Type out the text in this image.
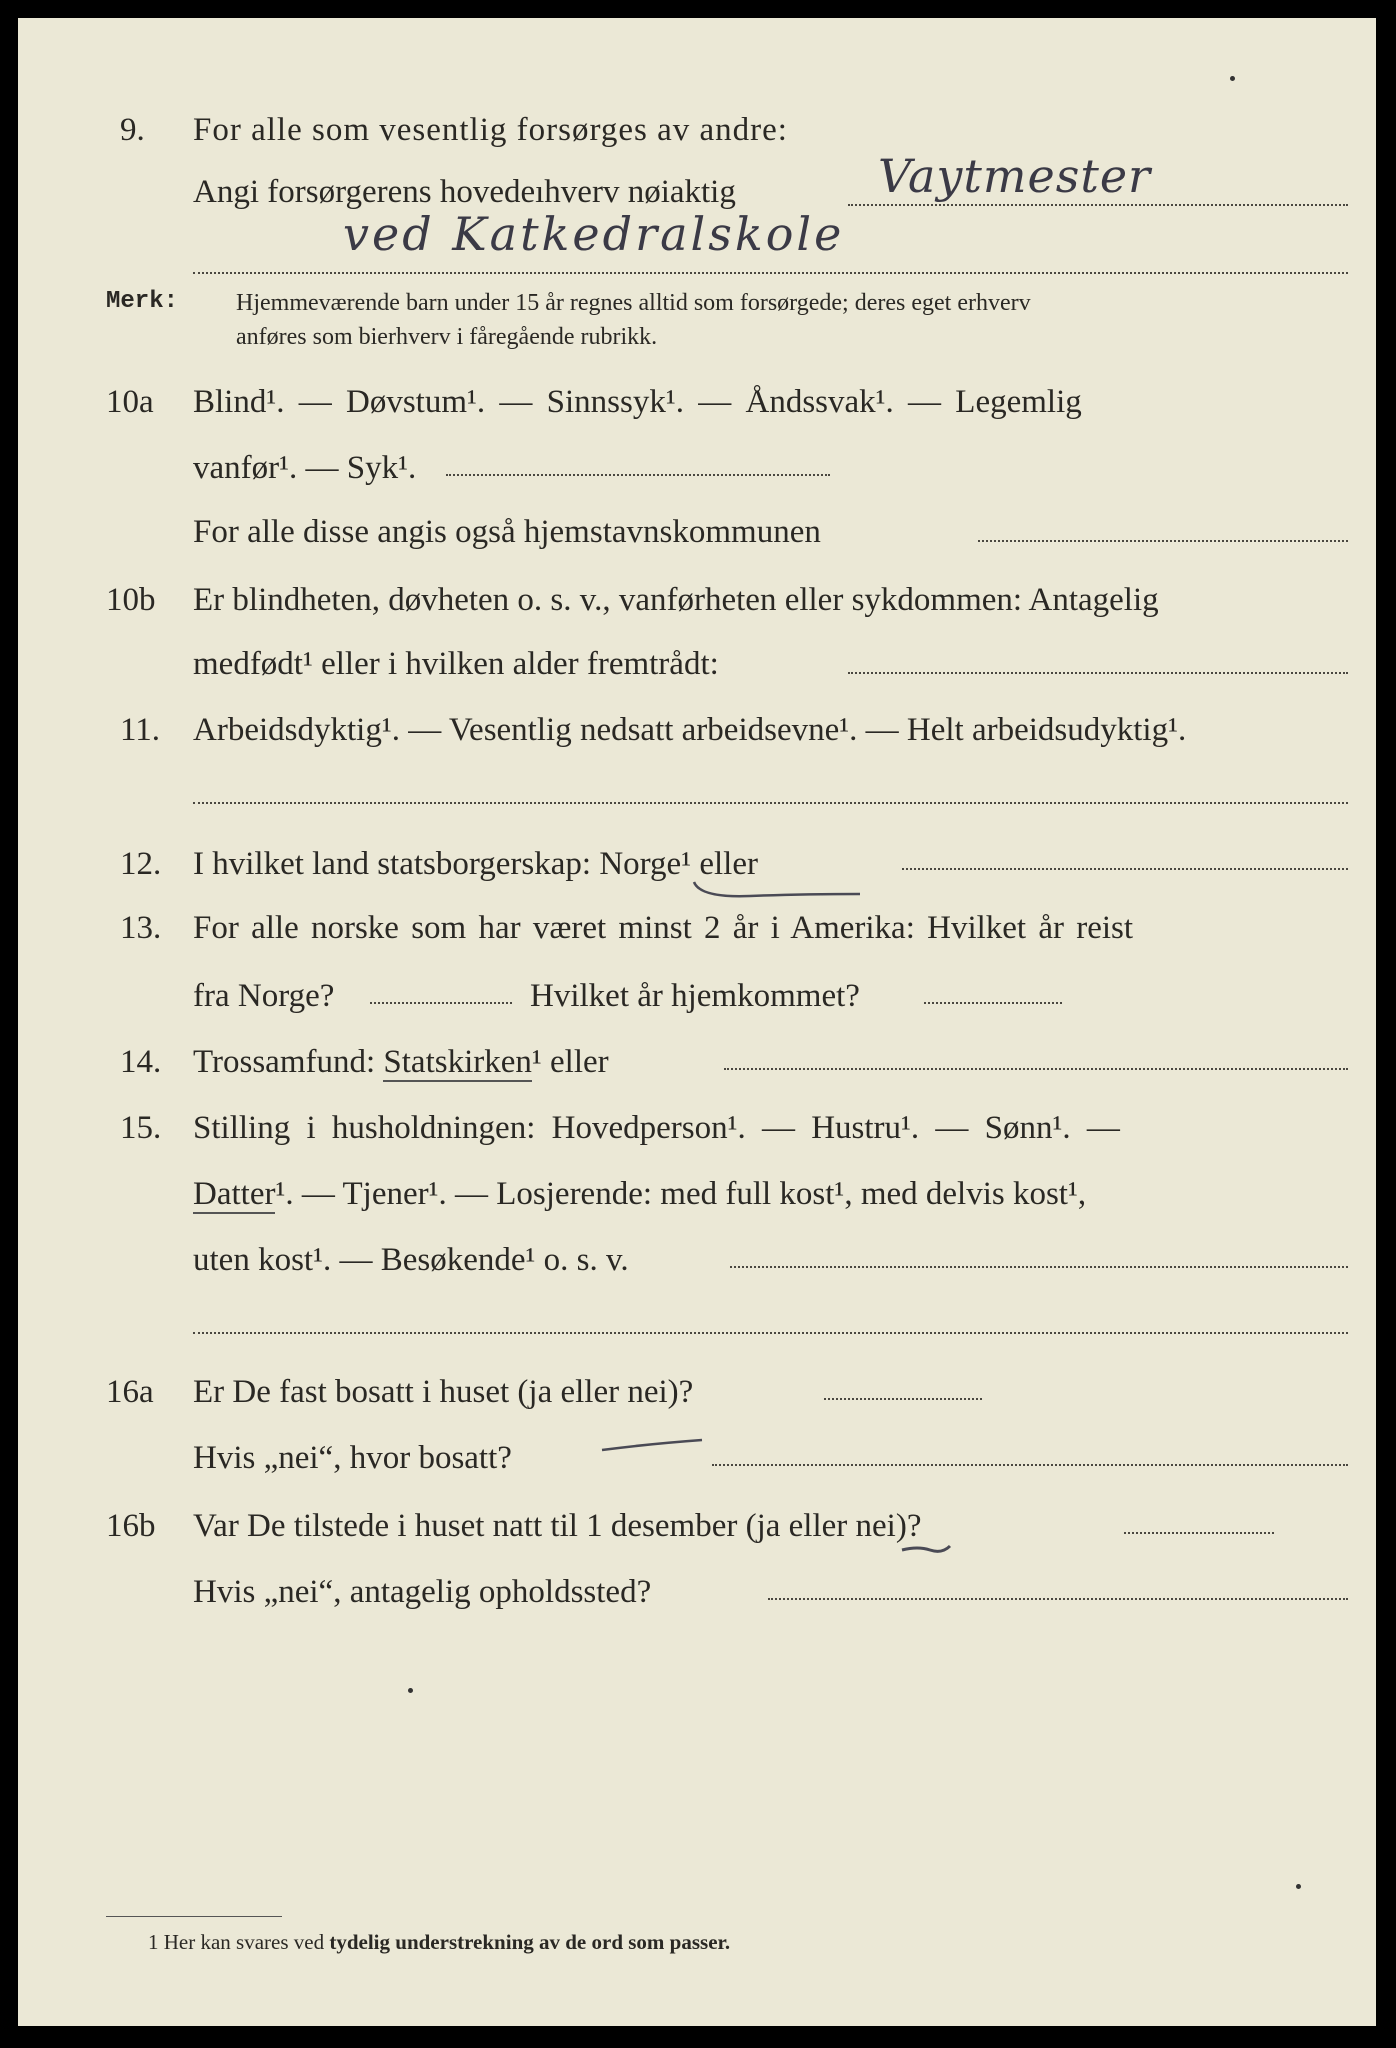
9. For alle som vesentlig forsørges av andre:
Angi forsørgerens hovedeıhverv nøiaktig	Vaytmester
ved Katkedralskole
Merk: Hjemmeværende barn under 15 år regnes alltid som forsørgede; deres eget erhverv
anføres som bierhverv i fåregående rubrikk.
10a Blind¹. — Døvstum¹. — Sinnssyk¹. — Åndssvak¹. — Legemlig
vanfør¹. — Syk¹.
For alle disse angis også hjemstavnskommunen
10b Er blindheten, døvheten o. s. v., vanførheten eller sykdommen: Antagelig
medfødt¹ eller i hvilken alder fremtrådt:
11. Arbeidsdyktig¹. — Vesentlig nedsatt arbeidsevne¹. — Helt arbeidsudyktig¹.
12. I hvilket land statsborgerskap: Norge¹ eller
13. For alle norske som har været minst 2 år i Amerika: Hvilket år reist
fra Norge?	Hvilket år hjemkommet?
14. Trossamfund: Statskirken¹ eller
15. Stilling i husholdningen: Hovedperson¹. — Hustru¹. — Sønn¹. —
Datter¹. — Tjener¹. — Losjerende: med full kost¹, med delvis kost¹,
uten kost¹. — Besøkende¹ o. s. v.
16a Er De fast bosatt i huset (ja eller nei)?
Hvis „nei“, hvor bosatt?
16b Var De tilstede i huset natt til 1 desember (ja eller nei)?
Hvis „nei“, antagelig opholdssted?
1 Her kan svares ved tydelig understrekning av de ord som passer.
